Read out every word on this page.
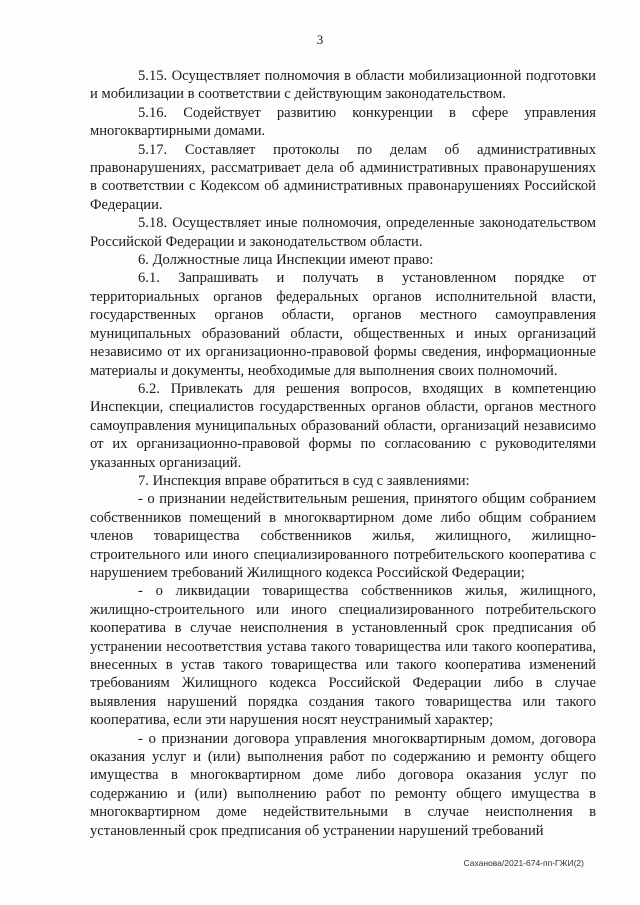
3

5.15. Осуществляет полномочия в области мобилизационной подготовки и мобилизации в соответствии с действующим законодательством.

5.16. Содействует развитию конкуренции в сфере управления многоквартирными домами.

5.17. Составляет протоколы по делам об административных правонарушениях, рассматривает дела об административных правонарушениях в соответствии с Кодексом об административных правонарушениях Российской Федерации.

5.18. Осуществляет иные полномочия, определенные законодательством Российской Федерации и законодательством области.

6. Должностные лица Инспекции имеют право:

6.1. Запрашивать и получать в установленном порядке от территориальных органов федеральных органов исполнительной власти, государственных органов области, органов местного самоуправления муниципальных образований области, общественных и иных организаций независимо от их организационно-правовой формы сведения, информационные материалы и документы, необходимые для выполнения своих полномочий.

6.2. Привлекать для решения вопросов, входящих в компетенцию Инспекции, специалистов государственных органов области, органов местного самоуправления муниципальных образований области, организаций независимо от их организационно-правовой формы по согласованию с руководителями указанных организаций.

7. Инспекция вправе обратиться в суд с заявлениями:

- о признании недействительным решения, принятого общим собранием собственников помещений в многоквартирном доме либо общим собранием членов товарищества собственников жилья, жилищного, жилищно-строительного или иного специализированного потребительского кооператива с нарушением требований Жилищного кодекса Российской Федерации;

- о ликвидации товарищества собственников жилья, жилищного, жилищно-строительного или иного специализированного потребительского кооператива в случае неисполнения в установленный срок предписания об устранении несоответствия устава такого товарищества или такого кооператива, внесенных в устав такого товарищества или такого кооператива изменений требованиям Жилищного кодекса Российской Федерации либо в случае выявления нарушений порядка создания такого товарищества или такого кооператива, если эти нарушения носят неустранимый характер;

- о признании договора управления многоквартирным домом, договора оказания услуг и (или) выполнения работ по содержанию и ремонту общего имущества в многоквартирном доме либо договора оказания услуг по содержанию и (или) выполнению работ по ремонту общего имущества в многоквартирном доме недействительными в случае неисполнения в установленный срок предписания об устранении нарушений требований

Саханова/2021-674-пп-ГЖИ(2)
